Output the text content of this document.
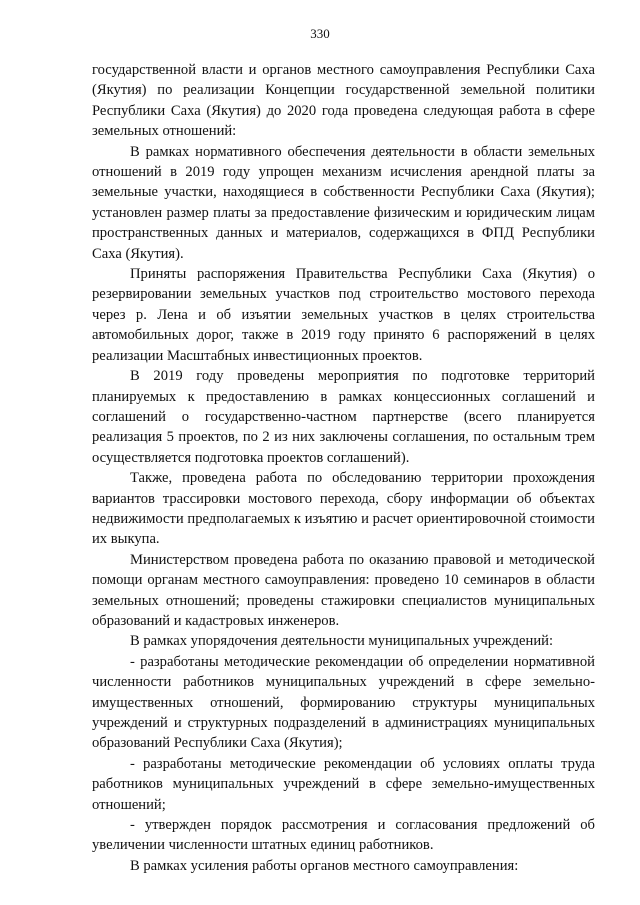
330

государственной власти и органов местного самоуправления Республики Саха (Якутия) по реализации Концепции государственной земельной политики Республики Саха (Якутия) до 2020 года проведена следующая работа в сфере земельных отношений:

В рамках нормативного обеспечения деятельности в области земельных отношений в 2019 году упрощен механизм исчисления арендной платы за земельные участки, находящиеся в собственности Республики Саха (Якутия); установлен размер платы за предоставление физическим и юридическим лицам пространственных данных и материалов, содержащихся в ФПД Республики Саха (Якутия).

Приняты распоряжения Правительства Республики Саха (Якутия) о резервировании земельных участков под строительство мостового перехода через р. Лена и об изъятии земельных участков в целях строительства автомобильных дорог, также в 2019 году принято 6 распоряжений в целях реализации Масштабных инвестиционных проектов.

В 2019 году проведены мероприятия по подготовке территорий планируемых к предоставлению в рамках концессионных соглашений и соглашений о государственно-частном партнерстве (всего планируется реализация 5 проектов, по 2 из них заключены соглашения, по остальным трем осуществляется подготовка проектов соглашений).

Также, проведена работа по обследованию территории прохождения вариантов трассировки мостового перехода, сбору информации об объектах недвижимости предполагаемых к изъятию и расчет ориентировочной стоимости их выкупа.

Министерством проведена работа по оказанию правовой и методической помощи органам местного самоуправления: проведено 10 семинаров в области земельных отношений; проведены стажировки специалистов муниципальных образований и кадастровых инженеров.

В рамках упорядочения деятельности муниципальных учреждений:

- разработаны методические рекомендации об определении нормативной численности работников муниципальных учреждений в сфере земельно-имущественных отношений, формированию структуры муниципальных учреждений и структурных подразделений в администрациях муниципальных образований Республики Саха (Якутия);

- разработаны методические рекомендации об условиях оплаты труда работников муниципальных учреждений в сфере земельно-имущественных отношений;

- утвержден порядок рассмотрения и согласования предложений об увеличении численности штатных единиц работников.

В рамках усиления работы органов местного самоуправления:
